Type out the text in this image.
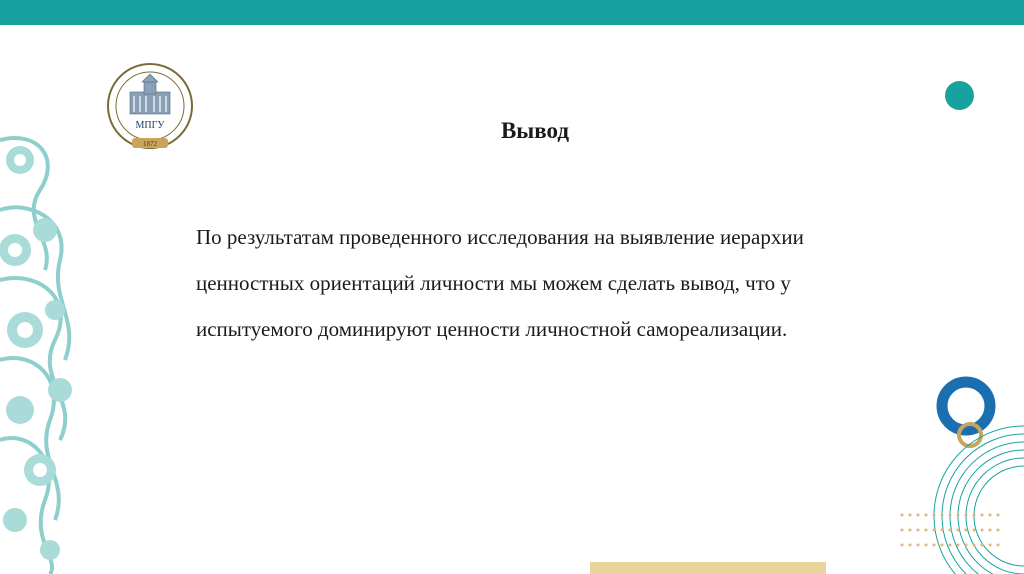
МПГУ
1872
Вывод

По результатам проведенного исследования на выявление иерархии

ценностных ориентаций личности мы можем сделать вывод, что у

испытуемого доминируют ценности личностной самореализации.
